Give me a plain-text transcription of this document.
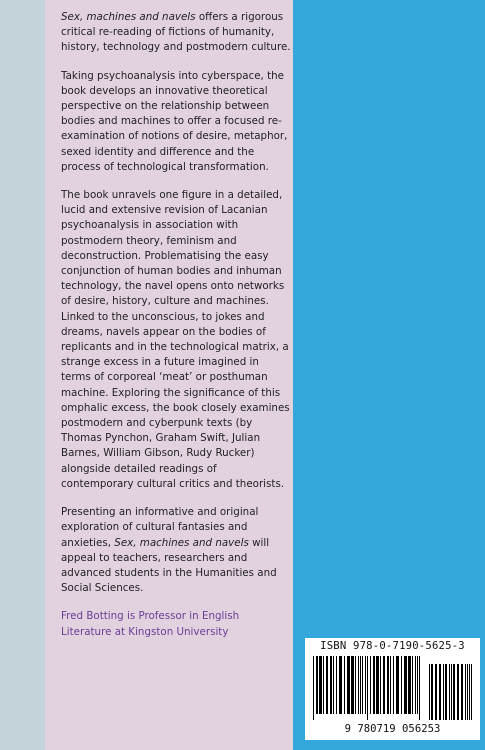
Sex, machines and navels offers a rigorous critical re-reading of fictions of humanity, history, technology and postmodern culture.

Taking psychoanalysis into cyberspace, the book develops an innovative theoretical perspective on the relationship between bodies and machines to offer a focused re-examination of notions of desire, metaphor, sexed identity and difference and the process of technological transformation.

The book unravels one figure in a detailed, lucid and extensive revision of Lacanian psychoanalysis in association with postmodern theory, feminism and deconstruction. Problematising the easy conjunction of human bodies and inhuman technology, the navel opens onto networks of desire, history, culture and machines. Linked to the unconscious, to jokes and dreams, navels appear on the bodies of replicants and in the technological matrix, a strange excess in a future imagined in terms of corporeal ‘meat’ or posthuman machine. Exploring the significance of this omphalic excess, the book closely examines postmodern and cyberpunk texts (by Thomas Pynchon, Graham Swift, Julian Barnes, William Gibson, Rudy Rucker) alongside detailed readings of contemporary cultural critics and theorists.

Presenting an informative and original exploration of cultural fantasies and anxieties, Sex, machines and navels will appeal to teachers, researchers and advanced students in the Humanities and Social Sciences.

Fred Botting is Professor in English Literature at Kingston University

ISBN 978-0-7190-5625-3
9 780719 056253
